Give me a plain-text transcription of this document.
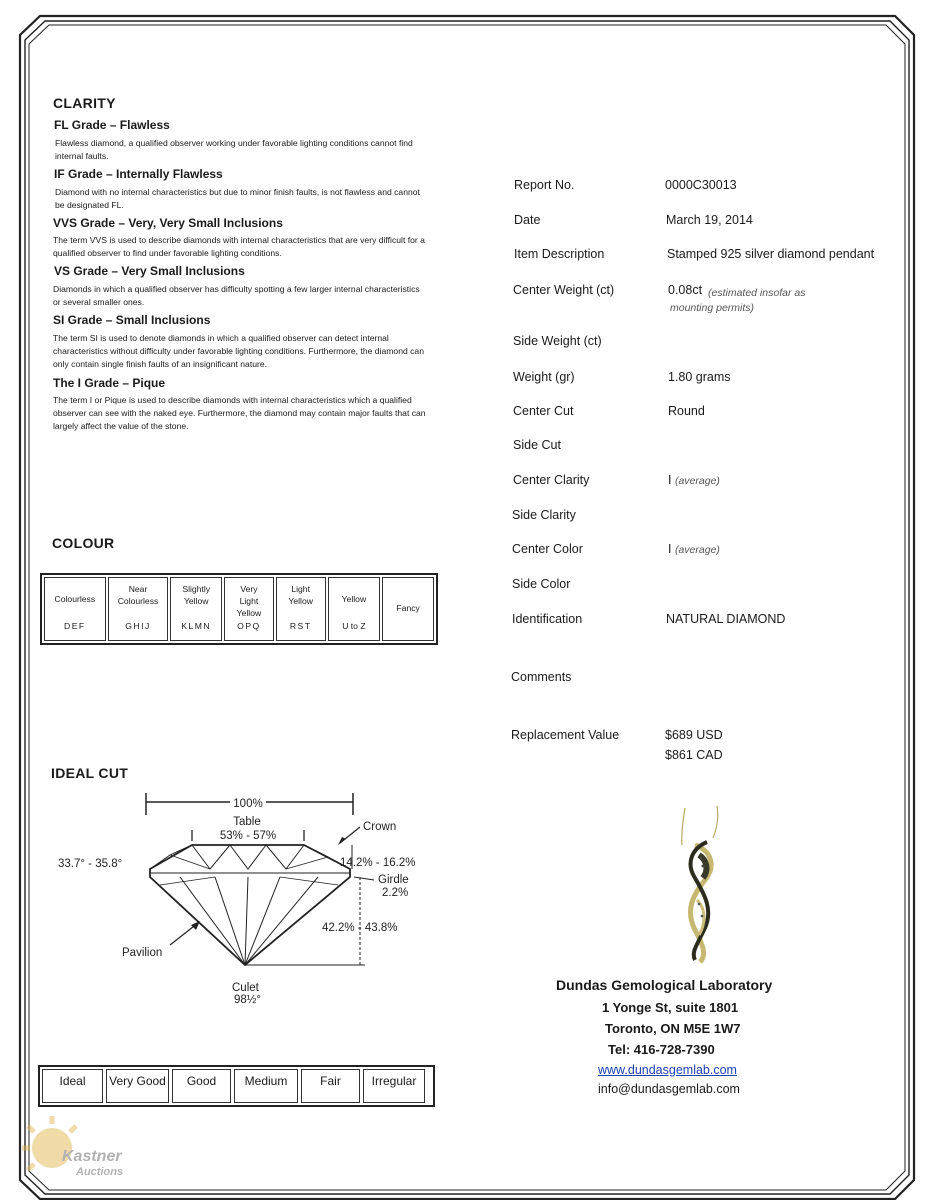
CLARITY
FL Grade – Flawless
Flawless diamond, a qualified observer working under favorable lighting conditions cannot find internal faults.
IF Grade – Internally Flawless
Diamond with no internal characteristics but due to minor finish faults, is not flawless and cannot be designated FL.
VVS Grade – Very, Very Small Inclusions
The term VVS is used to describe diamonds with internal characteristics that are very difficult for a qualified observer to find under favorable lighting conditions.
VS Grade – Very Small Inclusions
Diamonds in which a qualified observer has difficulty spotting a few larger internal characteristics or several smaller ones.
SI Grade – Small Inclusions
The term SI is used to denote diamonds in which a qualified observer can detect internal characteristics without difficulty under favorable lighting conditions. Furthermore, the diamond can only contain single finish faults of an insignificant nature.
The I Grade – Pique
The term I or Pique is used to describe diamonds with internal characteristics which a qualified observer can see with the naked eye. Furthermore, the diamond may contain major faults that can largely affect the value of the stone.
COLOUR
Colourless
DEF
Near Colourless
GHIJ
Slightly Yellow
KLMN
Very Light Yellow
OPQ
Light Yellow
RST
Yellow
U to Z
Fancy
IDEAL CUT
100%
Table
53% - 57%
33.7° - 35.8°
Crown
14.2% - 16.2%
Girdle
2.2%
42.2% - 43.8%
Pavilion
Culet
98½°
Ideal	Very Good	Good	Medium	Fair	Irregular
Report No.	0000C30013
Date	March 19, 2014
Item Description	Stamped 925 silver diamond pendant
Center Weight (ct)	0.08ct (estimated insofar as mounting permits)
Side Weight (ct)
Weight (gr)	1.80 grams
Center Cut	Round
Side Cut
Center Clarity	I (average)
Side Clarity
Center Color	I (average)
Side Color
Identification	NATURAL DIAMOND
Comments
Replacement Value	$689 USD
$861 CAD
Dundas Gemological Laboratory
1 Yonge St, suite 1801
Toronto, ON M5E 1W7
Tel: 416-728-7390
www.dundasgemlab.com
info@dundasgemlab.com
Kastner
Auctions
